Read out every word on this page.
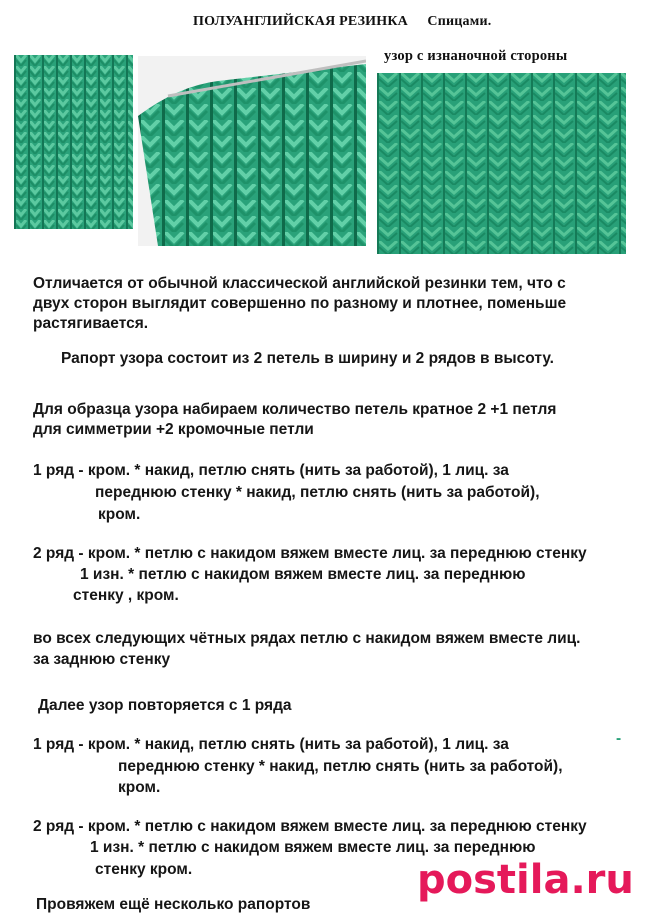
ПОЛУАНГЛИЙСКАЯ РЕЗИНКА Спицами.
узор с изнаночной стороны
Отличается от обычной классической английской резинки тем, что с
двух сторон выглядит совершенно по разному и плотнее, поменьше
растягивается.
Рапорт узора состоит из 2 петель в ширину и 2 рядов в высоту.
Для образца узора набираем количество петель кратное 2 +1 петля
для симметрии +2 кромочные петли
1 ряд - кром. * накид, петлю снять (нить за работой), 1 лиц. за
переднюю стенку * накид, петлю снять (нить за работой),
кром.
2 ряд - кром. * петлю с накидом вяжем вместе лиц. за переднюю стенку
1 изн. * петлю с накидом вяжем вместе лиц. за переднюю
стенку , кром.
во всех следующих чётных рядах петлю с накидом вяжем вместе лиц.
за заднюю стенку
Далее узор повторяется с 1 ряда
1 ряд - кром. * накид, петлю снять (нить за работой), 1 лиц. за
переднюю стенку * накид, петлю снять (нить за работой),
кром.
-
2 ряд - кром. * петлю с накидом вяжем вместе лиц. за переднюю стенку
1 изн. * петлю с накидом вяжем вместе лиц. за переднюю
стенку кром.
Провяжем ещё несколько рапортов
postila.ru
